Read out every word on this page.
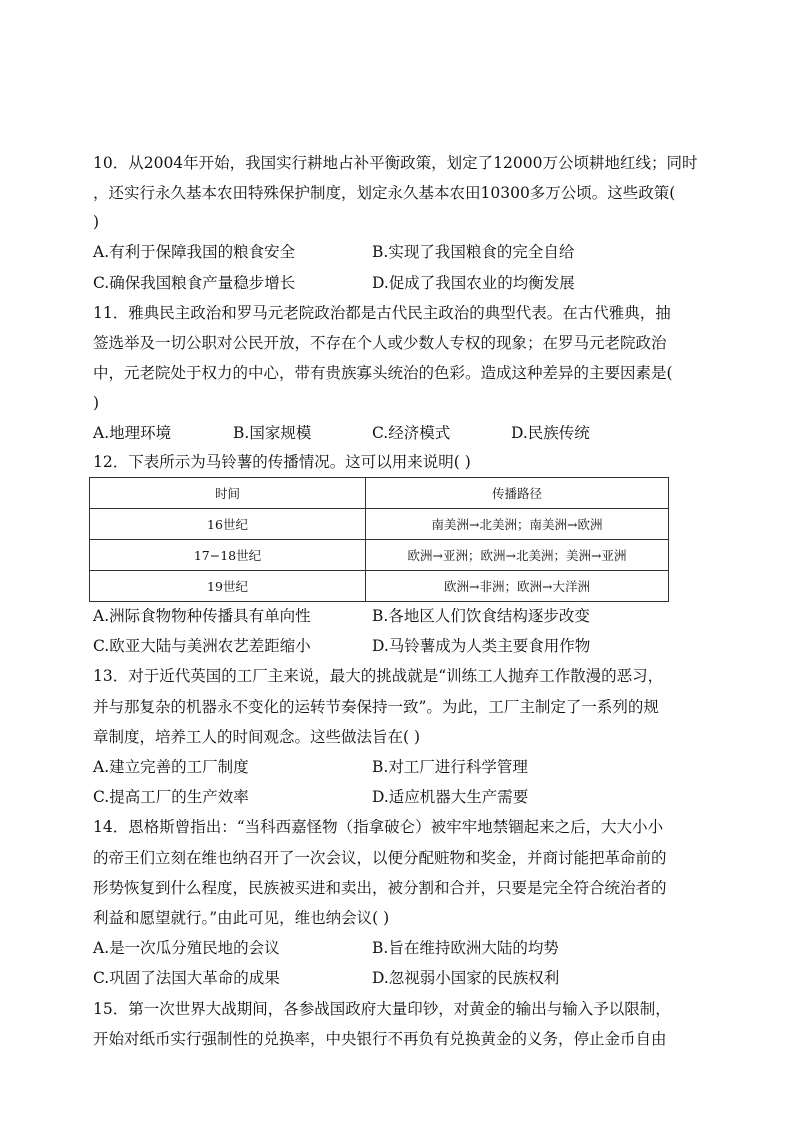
10．从2004年开始，我国实行耕地占补平衡政策，划定了12000万公顷耕地红线；同时
，还实行永久基本农田特殊保护制度，划定永久基本农田10300多万公顷。这些政策(
)
A.有利于保障我国的粮食安全	B.实现了我国粮食的完全自给
C.确保我国粮食产量稳步增长	D.促成了我国农业的均衡发展
11．雅典民主政治和罗马元老院政治都是古代民主政治的典型代表。在古代雅典，抽
签选举及一切公职对公民开放，不存在个人或少数人专权的现象；在罗马元老院政治
中，元老院处于权力的中心，带有贵族寡头统治的色彩。造成这种差异的主要因素是(
)
A.地理环境	B.国家规模	C.经济模式	D.民族传统
12．下表所示为马铃薯的传播情况。这可以用来说明( )
时间	传播路径
16世纪	南美洲→北美洲；南美洲→欧洲
17−18世纪	欧洲→亚洲；欧洲→北美洲；美洲→亚洲
19世纪	欧洲→非洲；欧洲→大洋洲
A.洲际食物物种传播具有单向性	B.各地区人们饮食结构逐步改变
C.欧亚大陆与美洲农艺差距缩小	D.马铃薯成为人类主要食用作物
13．对于近代英国的工厂主来说，最大的挑战就是“训练工人抛弃工作散漫的恶习，
并与那复杂的机器永不变化的运转节奏保持一致”。为此，工厂主制定了一系列的规
章制度，培养工人的时间观念。这些做法旨在( )
A.建立完善的工厂制度	B.对工厂进行科学管理
C.提高工厂的生产效率	D.适应机器大生产需要
14．恩格斯曾指出：“当科西嘉怪物（指拿破仑）被牢牢地禁锢起来之后，大大小小
的帝王们立刻在维也纳召开了一次会议，以便分配赃物和奖金，并商讨能把革命前的
形势恢复到什么程度，民族被买进和卖出，被分割和合并，只要是完全符合统治者的
利益和愿望就行。”由此可见，维也纳会议( )
A.是一次瓜分殖民地的会议	B.旨在维持欧洲大陆的均势
C.巩固了法国大革命的成果	D.忽视弱小国家的民族权利
15．第一次世界大战期间，各参战国政府大量印钞，对黄金的输出与输入予以限制，
开始对纸币实行强制性的兑换率，中央银行不再负有兑换黄金的义务，停止金币自由
